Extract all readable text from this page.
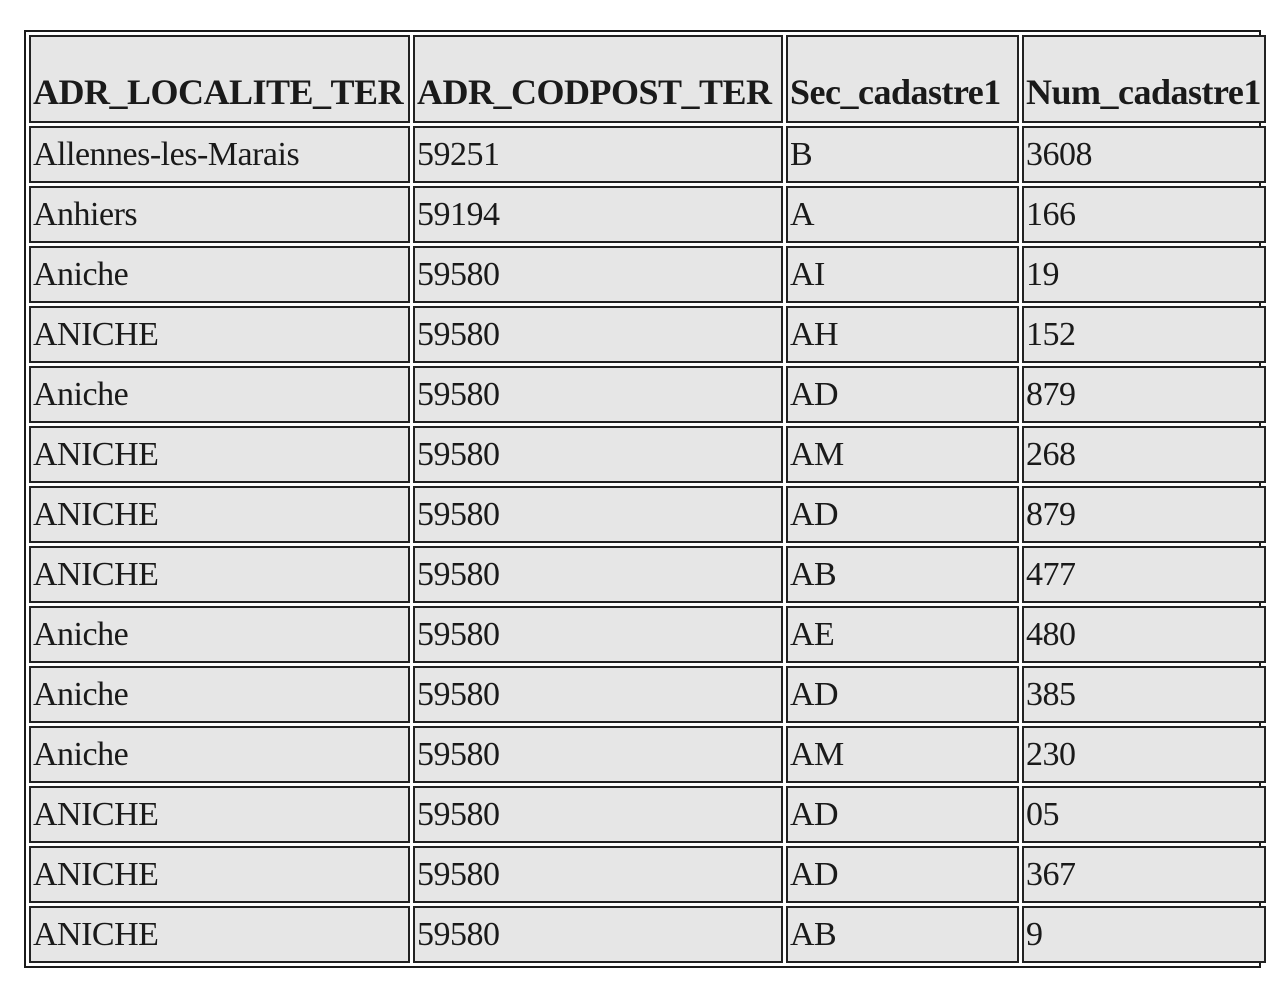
ADR_LOCALITE_TER	ADR_CODPOST_TER	Sec_cadastre1	Num_cadastre1
Allennes-les-Marais	59251	B	3608
Anhiers	59194	A	166
Aniche	59580	AI	19
ANICHE	59580	AH	152
Aniche	59580	AD	879
ANICHE	59580	AM	268
ANICHE	59580	AD	879
ANICHE	59580	AB	477
Aniche	59580	AE	480
Aniche	59580	AD	385
Aniche	59580	AM	230
ANICHE	59580	AD	05
ANICHE	59580	AD	367
ANICHE	59580	AB	9
